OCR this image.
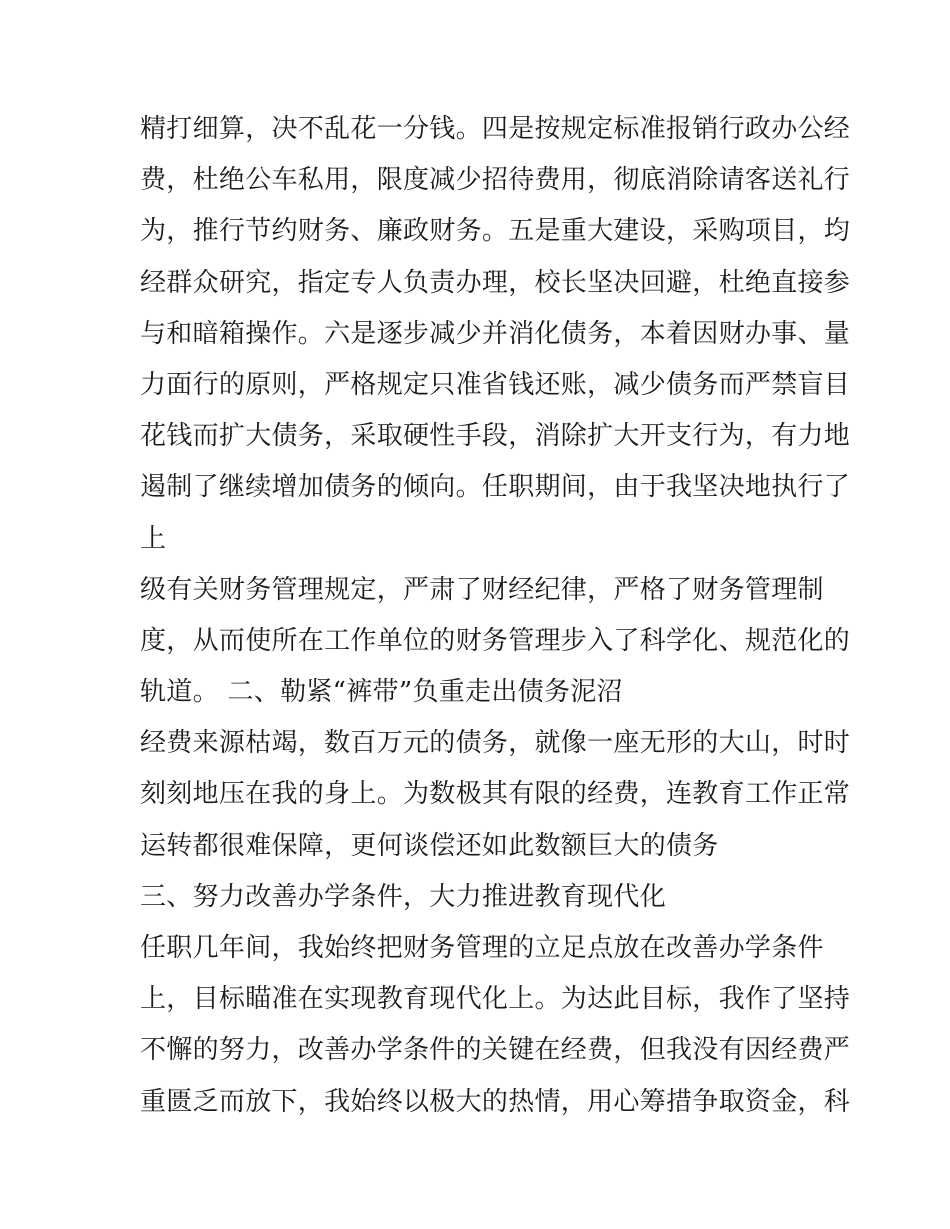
精打细算，决不乱花一分钱。四是按规定标准报销行政办公经
费，杜绝公车私用，限度减少招待费用，彻底消除请客送礼行
为，推行节约财务、廉政财务。五是重大建设，采购项目，均
经群众研究，指定专人负责办理，校长坚决回避，杜绝直接参
与和暗箱操作。六是逐步减少并消化债务，本着因财办事、量
力面行的原则，严格规定只准省钱还账，减少债务而严禁盲目
花钱而扩大债务，采取硬性手段，消除扩大开支行为，有力地
遏制了继续增加债务的倾向。任职期间，由于我坚决地执行了
上
级有关财务管理规定，严肃了财经纪律，严格了财务管理制
度，从而使所在工作单位的财务管理步入了科学化、规范化的
轨道。 二、勒紧“裤带”负重走出债务泥沼
经费来源枯竭，数百万元的债务，就像一座无形的大山，时时
刻刻地压在我的身上。为数极其有限的经费，连教育工作正常
运转都很难保障，更何谈偿还如此数额巨大的债务
三、努力改善办学条件，大力推进教育现代化
任职几年间，我始终把财务管理的立足点放在改善办学条件
上，目标瞄准在实现教育现代化上。为达此目标，我作了坚持
不懈的努力，改善办学条件的关键在经费，但我没有因经费严
重匮乏而放下，我始终以极大的热情，用心筹措争取资金，科
